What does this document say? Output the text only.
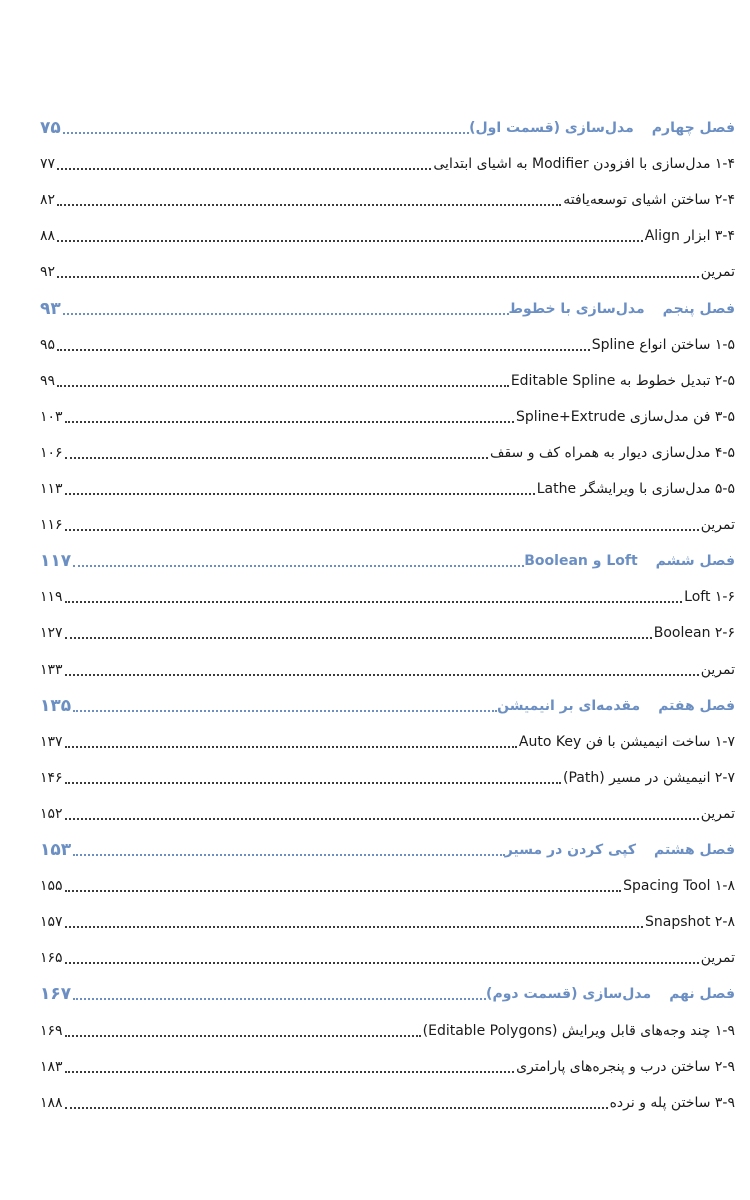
فصل چهارم
مدل‌سازی (قسمت اول)
۷۵
۱-۴ مدل‌سازی با افزودن Modifier به اشیای ابتدایی
۷۷
۲-۴ ساختن اشیای توسعه‌یافته
۸۲
۳-۴ ابزار Align
۸۸
تمرین
۹۲
فصل پنجم
مدل‌سازی با خطوط
۹۳
۱-۵ ساختن انواع Spline
۹۵
۲-۵ تبدیل خطوط به Editable Spline
۹۹
۳-۵ فن مدل‌سازی Spline+Extrude
۱۰۳
۴-۵ مدل‌سازی دیوار به همراه کف و سقف
۱۰۶
۵-۵ مدل‌سازی با ویرایشگر Lathe
۱۱۳
تمرین
۱۱۶
فصل ششم
Loft و Boolean
۱۱۷
۱-۶ Loft
۱۱۹
۲-۶ Boolean
۱۲۷
تمرین
۱۳۳
فصل هفتم
مقدمه‌ای بر انیمیشن
۱۳۵
۱-۷ ساخت انیمیشن با فن Auto Key
۱۳۷
۲-۷ انیمیشن در مسیر (Path)
۱۴۶
تمرین
۱۵۲
فصل هشتم
کپی کردن در مسیر
۱۵۳
۱-۸ Spacing Tool
۱۵۵
۲-۸ Snapshot
۱۵۷
تمرین
۱۶۵
فصل نهم
مدل‌سازی (قسمت دوم)
۱۶۷
۱-۹ چند وجه‌های قابل ویرایش (Editable Polygons)
۱۶۹
۲-۹ ساختن درب و پنجره‌های پارامتری
۱۸۳
۳-۹ ساختن پله و نرده
۱۸۸
